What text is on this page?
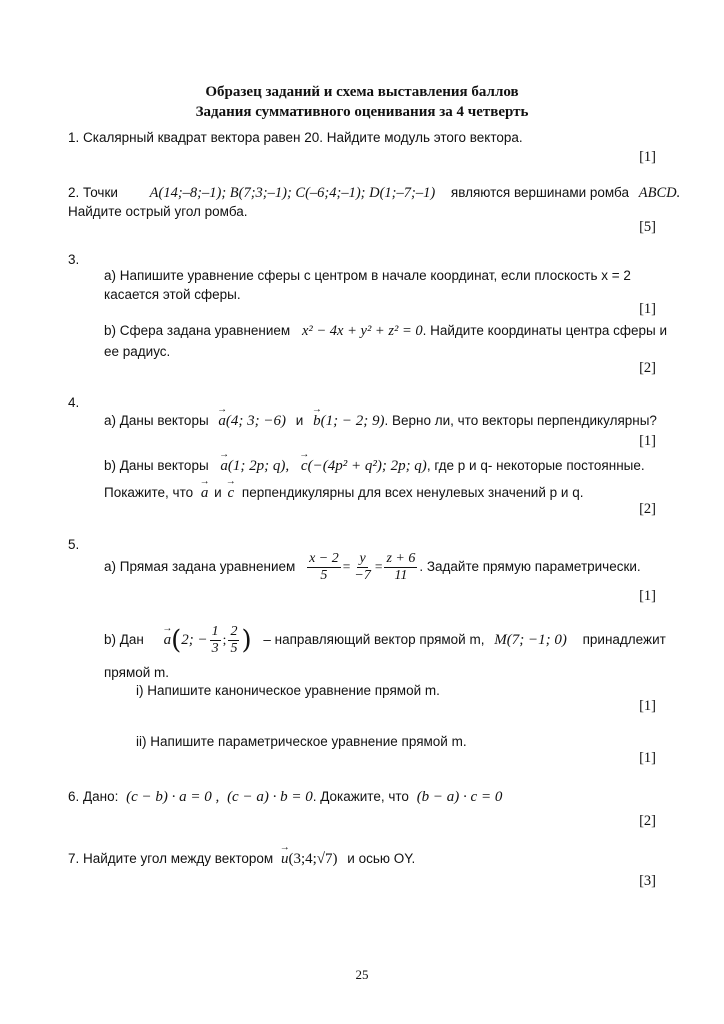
Образец заданий и схема выставления баллов
Задания суммативного оценивания за 4 четверть
1. Скалярный квадрат вектора равен 20. Найдите модуль этого вектора.
[1]
2. Точки A(14;–8;–1); B(7;3;–1); C(–6;4;–1); D(1;–7;–1) являются вершинами ромба ABCD.
Найдите острый угол ромба.
[5]
3.
a) Напишите уравнение сферы с центром в начале координат, если плоскость x = 2
касается этой сферы.
[1]
b) Сфера задана уравнением x² − 4x + y² + z² = 0. Найдите координаты центра сферы и
ее радиус.
[2]
4.
a) Даны векторы → a(4; 3; −6) и → b(1; − 2; 9). Верно ли, что векторы перпендикулярны?
[1]
b) Даны векторы → a(1; 2p; q), → c(−(4p² + q²); 2p; q), где p и q- некоторые постоянные.
Покажите, что → a и → c перпендикулярны для всех ненулевых значений p и q.
[2]
5.
a) Прямая задана уравнением $\frac{x - 2}{5} = \frac{y}{-7} = \frac{z + 6}{11}$ . Задайте прямую параметрически.
[1]
b) Дан → a(2; − $\frac{1}{3}$ ; $\frac{2}{5}$ ) – направляющий вектор прямой m, M(7; −1; 0) принадлежит
прямой m.
i) Напишите каноническое уравнение прямой m.
[1]
ii) Напишите параметрическое уравнение прямой m.
[1]
6. Дано: (c − b) · a = 0 , (c − a) · b = 0. Докажите, что (b − a) · c = 0
[2]
7. Найдите угол между вектором → u(3;4;√7) и осью OY.
[3]
25
